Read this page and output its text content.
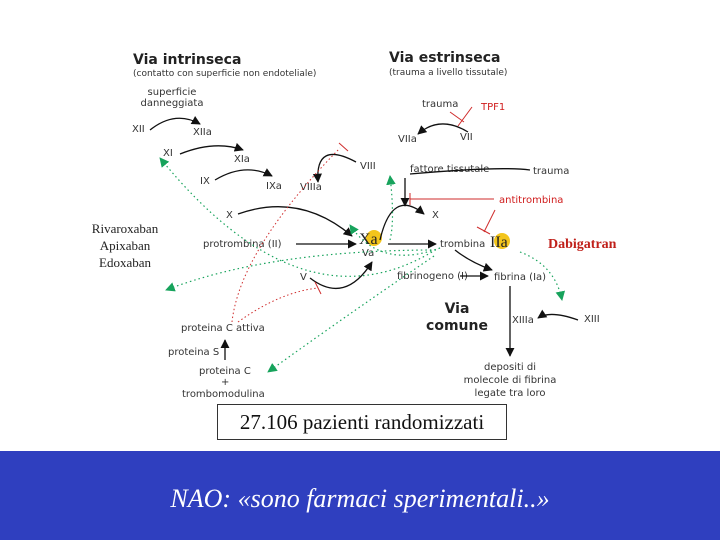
Via intrinseca
(contatto con superficie non endoteliale)
Via estrinseca
(trauma a livello tissutale)
superficie
danneggiata
XII	XIIa
XI
XIa
IX	IXa
VIII
VIIIa
X
protrombina (II)
V
trauma TPF1
VIIa	VII
fattore tissutale	trauma
X
antitrombina
Xa
Va
trombina IIa
fibrinogeno (I)	fibrina (Ia)
Via
comune XIIIa	XIII
depositi di
molecole di fibrina
legate tra loro
proteina C attiva
proteina S
proteina C
+
trombomodulina
Rivaroxaban
Apixaban
Edoxaban
Dabigatran
27.106 pazienti randomizzati
NAO: «sono farmaci sperimentali..»
